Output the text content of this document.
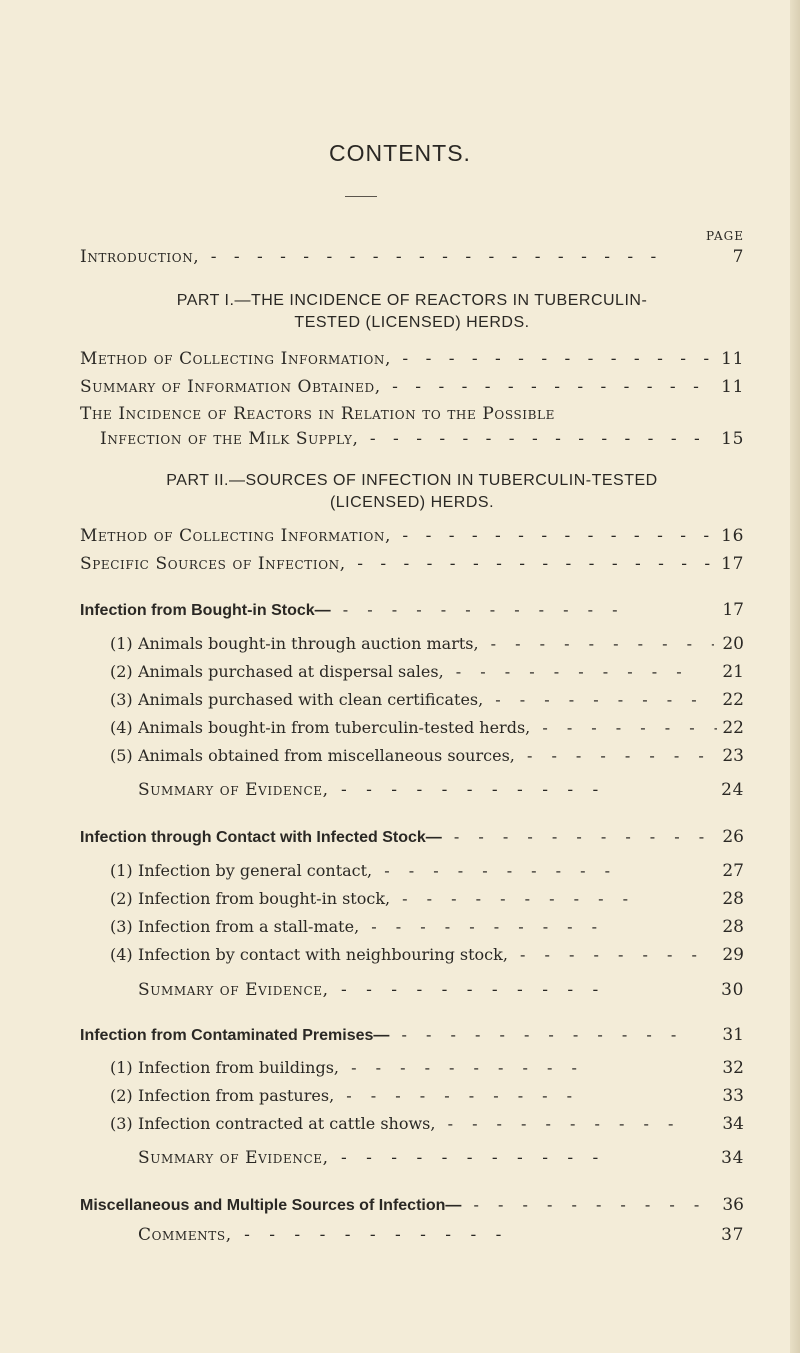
CONTENTS.
PAGE
Introduction, - - -	7
PART I.—THE INCIDENCE OF REACTORS IN TUBERCULIN-
TESTED (LICENSED) HERDS.
Method of Collecting Information, - - -	11
Summary of Information Obtained, - - -	11
The Incidence of Reactors in Relation to the Possible
Infection of the Milk Supply, - - -	15
PART II.—SOURCES OF INFECTION IN TUBERCULIN-TESTED
(LICENSED) HERDS.
Method of Collecting Information, - - -	16
Specific Sources of Infection, - - -	17
Infection from Bought-in Stock— - - -	17
(1) Animals bought-in through auction marts, - - -	20
(2) Animals purchased at dispersal sales, - - -	21
(3) Animals purchased with clean certificates, - - -	22
(4) Animals bought-in from tuberculin-tested herds, - - -	22
(5) Animals obtained from miscellaneous sources, - - -	23
Summary of Evidence, - - -	24
Infection through Contact with Infected Stock— - - -	26
(1) Infection by general contact, - - -	27
(2) Infection from bought-in stock, - - -	28
(3) Infection from a stall-mate, - - -	28
(4) Infection by contact with neighbouring stock, - - -	29
Summary of Evidence, - - -	30
Infection from Contaminated Premises— - - -	31
(1) Infection from buildings, - - -	32
(2) Infection from pastures, - - -	33
(3) Infection contracted at cattle shows, - - -	34
Summary of Evidence, - - -	34
Miscellaneous and Multiple Sources of Infection— - - -	36
Comments, - - -	37
